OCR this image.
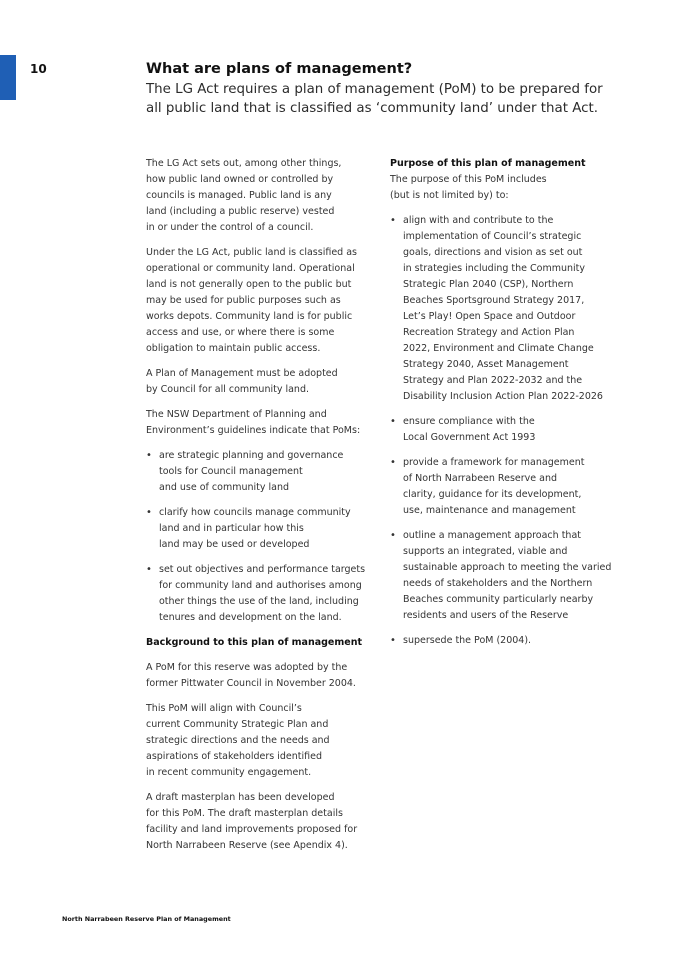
10	What are plans of management?
The LG Act requires a plan of management (PoM) to be prepared for all public land that is classified as ‘community land’ under that Act.

The LG Act sets out, among other things,
how public land owned or controlled by
councils is managed. Public land is any
land (including a public reserve) vested
in or under the control of a council.

Under the LG Act, public land is classified as
operational or community land. Operational
land is not generally open to the public but
may be used for public purposes such as
works depots. Community land is for public
access and use, or where there is some
obligation to maintain public access.

A Plan of Management must be adopted
by Council for all community land.

The NSW Department of Planning and
Environment’s guidelines indicate that PoMs:

• are strategic planning and governance
tools for Council management
and use of community land
• clarify how councils manage community
land and in particular how this
land may be used or developed
• set out objectives and performance targets
for community land and authorises among
other things the use of the land, including
tenures and development on the land.

Background to this plan of management

A PoM for this reserve was adopted by the
former Pittwater Council in November 2004.

This PoM will align with Council’s
current Community Strategic Plan and
strategic directions and the needs and
aspirations of stakeholders identified
in recent community engagement.

A draft masterplan has been developed
for this PoM. The draft masterplan details
facility and land improvements proposed for
North Narrabeen Reserve (see Apendix 4).

Purpose of this plan of management

The purpose of this PoM includes
(but is not limited by) to:

• align with and contribute to the
implementation of Council’s strategic
goals, directions and vision as set out
in strategies including the Community
Strategic Plan 2040 (CSP), Northern
Beaches Sportsground Strategy 2017,
Let’s Play! Open Space and Outdoor
Recreation Strategy and Action Plan
2022, Environment and Climate Change
Strategy 2040, Asset Management
Strategy and Plan 2022-2032 and the
Disability Inclusion Action Plan 2022-2026
• ensure compliance with the
Local Government Act 1993
• provide a framework for management
of North Narrabeen Reserve and
clarity, guidance for its development,
use, maintenance and management
• outline a management approach that
supports an integrated, viable and
sustainable approach to meeting the varied
needs of stakeholders and the Northern
Beaches community particularly nearby
residents and users of the Reserve
• supersede the PoM (2004).
North Narrabeen Reserve Plan of Management
